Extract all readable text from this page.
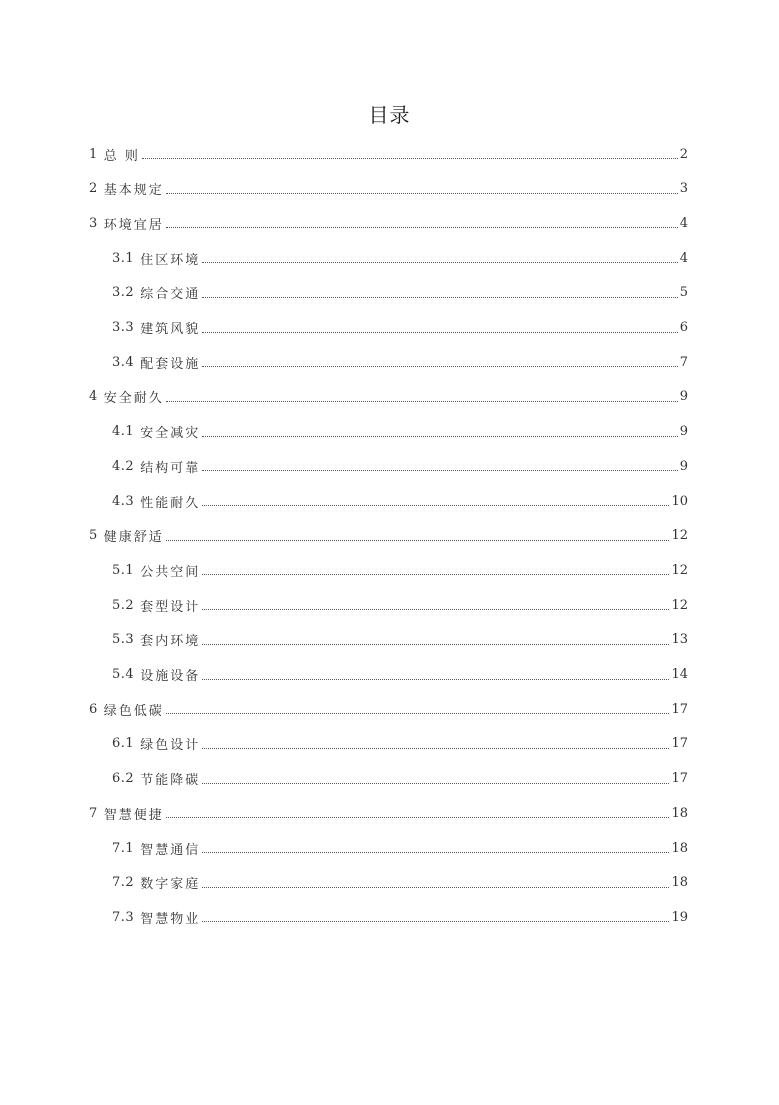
目录
1 总 则	2
2 基本规定	3
3 环境宜居	4
3.1 住区环境	4
3.2 综合交通	5
3.3 建筑风貌	6
3.4 配套设施	7
4 安全耐久	9
4.1 安全减灾	9
4.2 结构可靠	9
4.3 性能耐久	10
5 健康舒适	12
5.1 公共空间	12
5.2 套型设计	12
5.3 套内环境	13
5.4 设施设备	14
6 绿色低碳	17
6.1 绿色设计	17
6.2 节能降碳	17
7 智慧便捷	18
7.1 智慧通信	18
7.2 数字家庭	18
7.3 智慧物业	19
